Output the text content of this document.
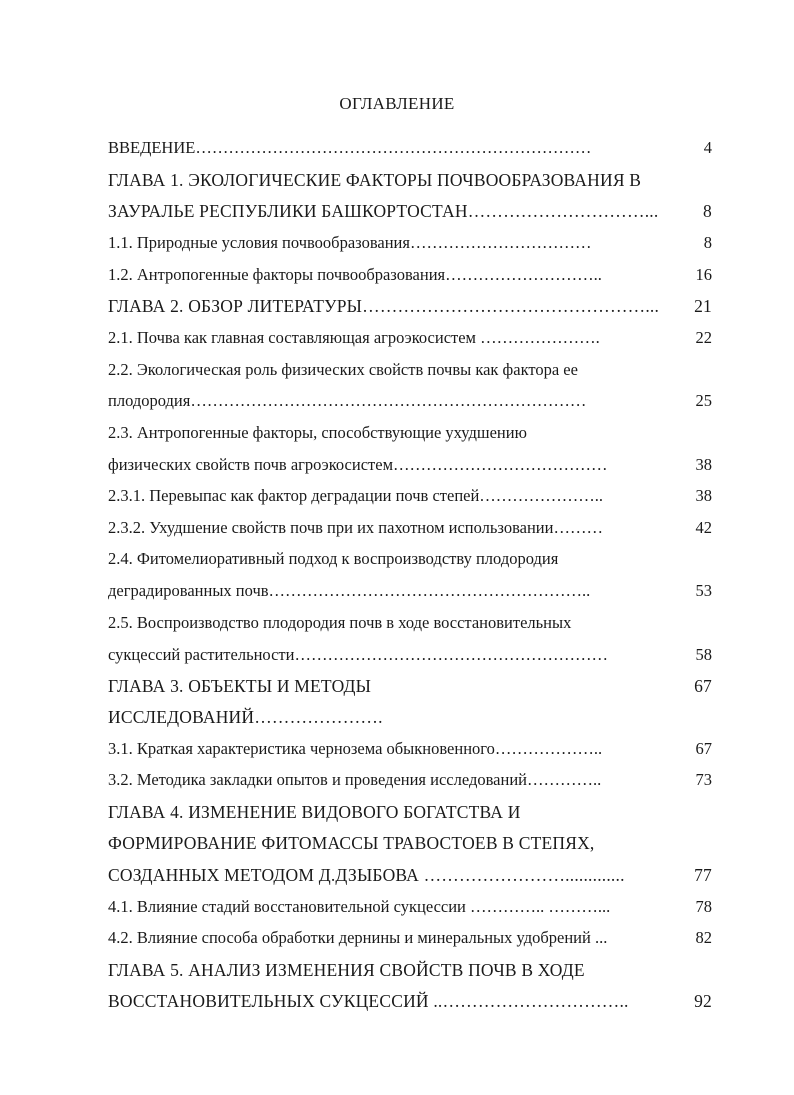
ОГЛАВЛЕНИЕ
ВВЕДЕНИЕ………………………………………………………………	4
ГЛАВА 1. ЭКОЛОГИЧЕСКИЕ ФАКТОРЫ ПОЧВООБРАЗОВАНИЯ В
ЗАУРАЛЬЕ РЕСПУБЛИКИ БАШКОРТОСТАН…………………………...	8
1.1. Природные условия почвообразования……………………………	8
1.2. Антропогенные факторы почвообразования………………………..	16
ГЛАВА 2. ОБЗОР ЛИТЕРАТУРЫ…………………………………………... 21
2.1. Почва как главная составляющая агроэкосистем ………………….	22
2.2. Экологическая роль физических свойств почвы как фактора ее
плодородия………………………………………………………………	25
2.3. Антропогенные факторы, способствующие ухудшению
физических свойств почв агроэкосистем…………………………………	38
2.3.1. Перевыпас как фактор деградации почв степей…………………..	38
2.3.2. Ухудшение свойств почв при их пахотном использовании………	42
2.4. Фитомелиоративный подход к воспроизводству плодородия
деградированных почв…………………………………………………..	53
2.5. Воспроизводство плодородия почв в ходе восстановительных
сукцессий растительности…………………………………………………	58
ГЛАВА 3. ОБЪЕКТЫ И МЕТОДЫ	67
ИССЛЕДОВАНИЙ………………….
3.1. Краткая характеристика чернозема обыкновенного………………..	67
3.2. Методика закладки опытов и проведения исследований…………..	73
ГЛАВА 4. ИЗМЕНЕНИЕ ВИДОВОГО БОГАТСТВА И
ФОРМИРОВАНИЕ ФИТОМАССЫ ТРАВОСТОЕВ В СТЕПЯХ,
СОЗДАННЫХ МЕТОДОМ Д.ДЗЫБОВА …………………….............	77
4.1. Влияние стадий восстановительной сукцессии ………….. ………...	78
4.2. Влияние способа обработки дернины и минеральных удобрений ...	82
ГЛАВА 5. АНАЛИЗ ИЗМЕНЕНИЯ СВОЙСТВ ПОЧВ В ХОДЕ
ВОССТАНОВИТЕЛЬНЫХ СУКЦЕССИЙ ..…………………………..	92
